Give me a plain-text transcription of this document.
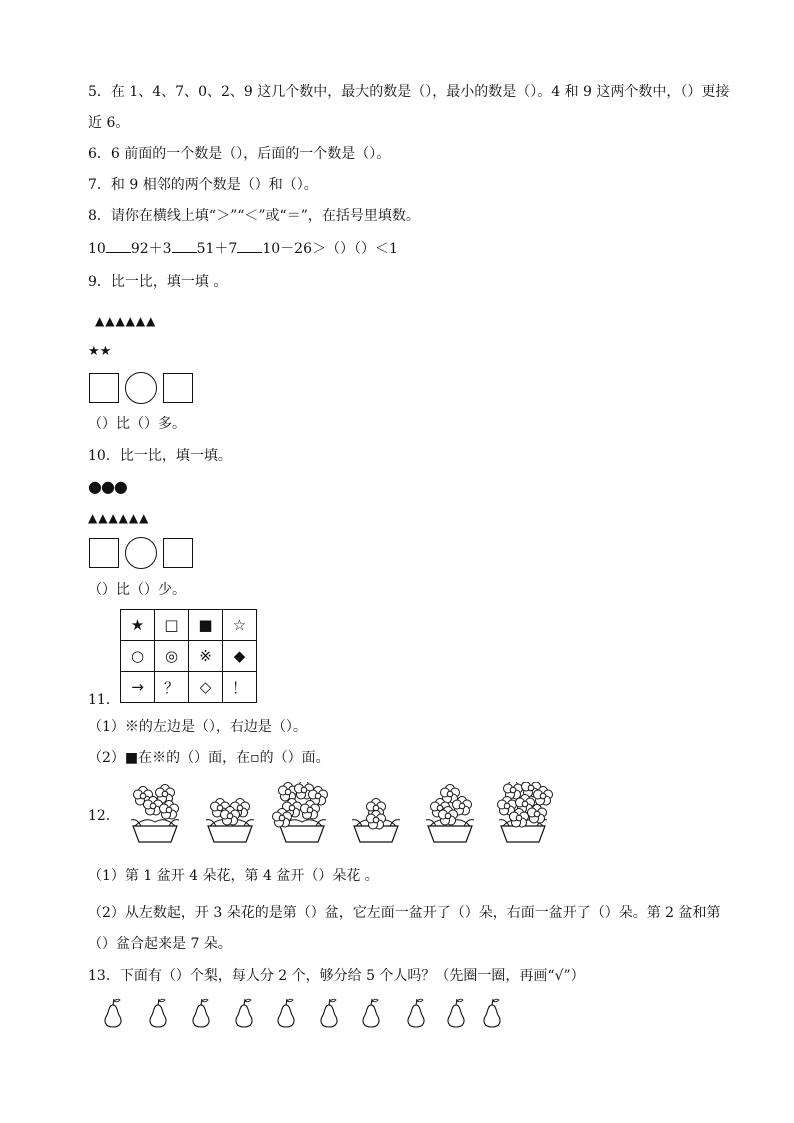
5．在 1、4、7、0、2、9 这几个数中，最大的数是（），最小的数是（）。4 和 9 这两个数中，（）更接
近 6。
6．6 前面的一个数是（），后面的一个数是（）。
7．和 9 相邻的两个数是（）和（）。
8．请你在横线上填“＞”“＜”或“＝”，在括号里填数。
10 92＋3 51＋7 10－26＞（）（）＜1
9．比一比，填一填 。
▲▲▲▲▲▲
★★
（）比（）多。
10．比一比，填一填。
●●●
▲▲▲▲▲▲
（）比（）少。
★	□	■	☆
○	◎	※	◆
→	？	◇	！
11．
（1）※的左边是（），右边是（）。
（2）■在※的（）面，在▫的（）面。
12．
（1）第 1 盆开 4 朵花，第 4 盆开（）朵花 。
（2）从左数起，开 3 朵花的是第（）盆，它左面一盆开了（）朵，右面一盆开了（）朵。第 2 盆和第
（）盆合起来是 7 朵。
13．下面有（）个梨，每人分 2 个，够分给 5 个人吗？（先圈一圈，再画“√”）
